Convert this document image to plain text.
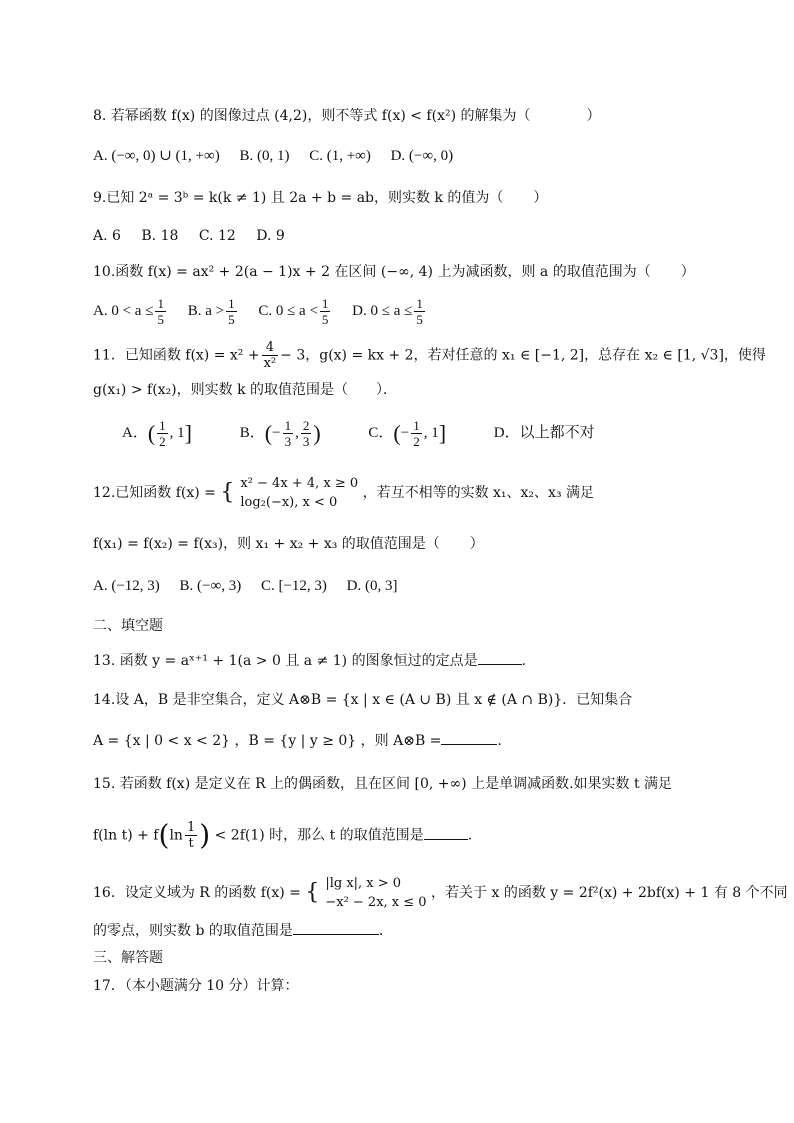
8. 若幂函数 f(x) 的图像过点 (4,2)，则不等式 f(x) < f(x²) 的解集为（	）
A. (−∞, 0) ∪ (1, +∞) B. (0, 1) C. (1, +∞) D. (−∞, 0)
9.已知 2ᵃ = 3ᵇ = k(k ≠ 1) 且 2a + b = ab，则实数 k 的值为（ ）
A. 6 B. 18 C. 12 D. 9
10.函数 f(x) = ax² + 2(a − 1)x + 2 在区间 (−∞, 4) 上为减函数，则 a 的取值范围为（ ）
A. $0 < a \le \frac{1}{5} B$. $a > \frac{1}{5} C$. $0 \le a < \frac{1}{5} D$. $0 \le a \le \frac{1}{5}$
11．已知函数 $f(x) = x^2 + \frac{4}{\text{x²}} - 3$，g(x) = kx + 2，若对任意的 x₁ ∈ [−1, 2]，总存在 x₂ ∈ [1, √3]，使得
g(x₁) > f(x₂)，则实数 k 的取值范围是（　　）．
A．( $\frac{1}{2}$ , 1]	B．(− $\frac{1}{3}$ , $\frac{2}{3}$ )	C．(− $\frac{1}{2}$ , 1]	D．以上都不对
12.已知函数 f(x) = { x² − 4x + 4, x ≥ 0
log₂(−x), x < 0
，若互不相等的实数 x₁、x₂、x₃ 满足
f(x₁) = f(x₂) = f(x₃)，则 x₁ + x₂ + x₃ 的取值范围是（ ）
A. (−12, 3) B. (−∞, 3) C. [−12, 3) D. (0, 3]
二、填空题
13. 函数 y = aˣ⁺¹ + 1(a > 0 且 a ≠ 1) 的图象恒过的定点是	.
14.设 A，B 是非空集合，定义 A⊗B = {x | x ∈ (A ∪ B) 且 x ∉ (A ∩ B)}．已知集合
A = {x | 0 < x < 2} ，B = {y | y ≥ 0} ，则 A⊗B =	.
15. 若函数 f(x) 是定义在 R 上的偶函数，且在区间 [0, +∞) 上是单调减函数.如果实数 t 满足
f(ln $t) + f(\ln \frac{1}{t}$ ) < 2f(1) 时，那么 t 的取值范围是	.
16．设定义域为 R 的函数 f(x) = { |lg x|, x > 0
−x² − 2x, x ≤ 0
，若关于 x 的函数 y = 2f²(x) + 2bf(x) + 1 有 8 个不同
的零点，则实数 b 的取值范围是	．
三、解答题
17．（本小题满分 10 分）计算：
